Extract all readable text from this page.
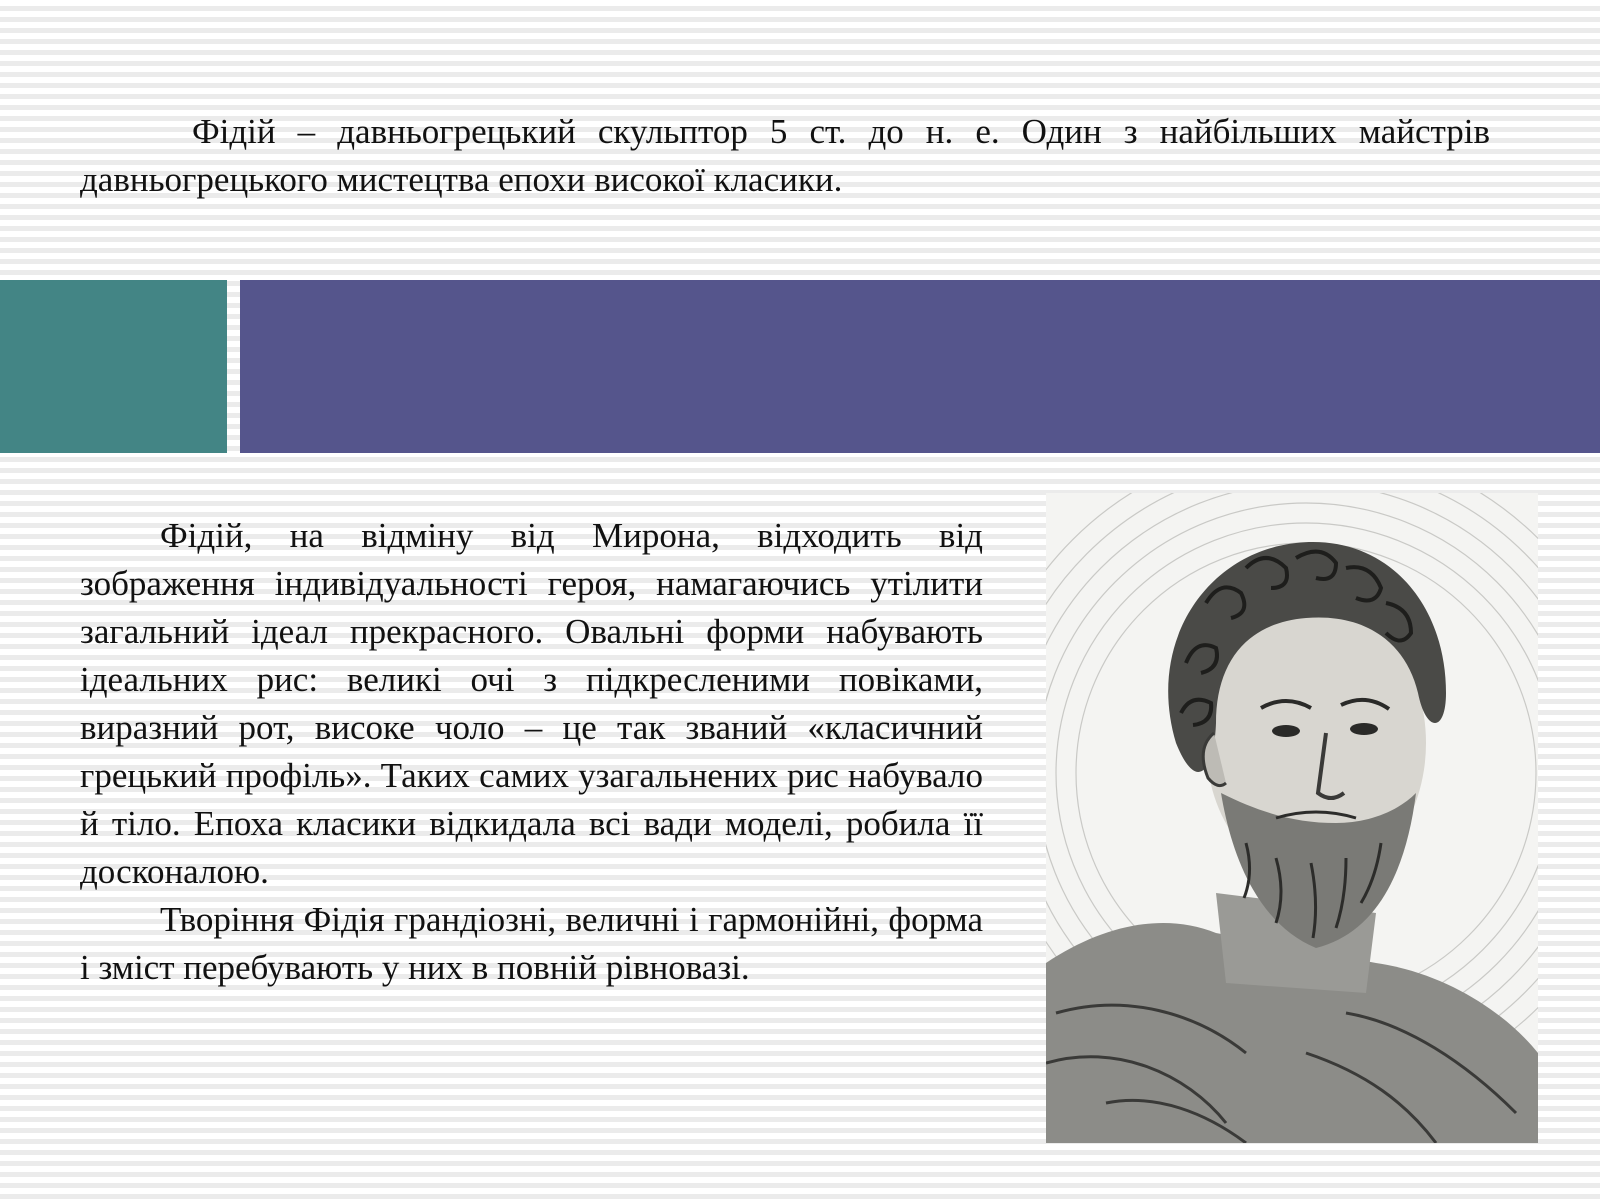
Фідій – давньогрецький скульптор 5 ст. до н. е. Один з найбільших майстрів давньогрецького мистецтва епохи високої класики.

Фідій, на відміну від Мирона, відходить від зображення індивідуальності героя, намагаючись утілити загальний ідеал прекрасного. Овальні форми набувають ідеальних рис: великі очі з підкресленими повіками, виразний рот, високе чоло – це так званий «класичний грецький профіль». Таких самих узагальнених рис набувало й тіло. Епоха класики відкидала всі вади моделі, робила її досконалою.

Творіння Фідія грандіозні, величні і гармонійні, форма і зміст перебувають у них в повній рівновазі.
